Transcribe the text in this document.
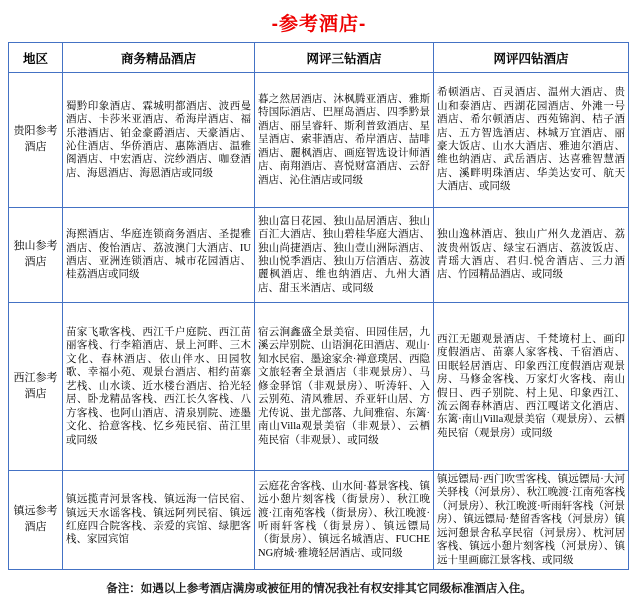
-参考酒店-
地区	商务精品酒店	网评三钻酒店	网评四钻酒店
贵阳参考酒店	蜀黔印象酒店、霖城明都酒店、波西曼酒店、卡莎米亚酒店、希海岸酒店、福乐港酒店、铂金豪爵酒店、天豪酒店、沁住酒店、华侨酒店、惠陈酒店、温雅阁酒店、中宏酒店、浣纱酒店、咖登酒店、海恩酒店、海恩酒店或同级	暮之然居酒店、沐枫腾亚酒店、雅斯特国际酒店、巴厘岛酒店、四季黔景酒店、丽呈睿轩、斯利普致酒店、星呈酒店、索菲酒店、希岸酒店、喆啡酒店、麗枫酒店、画庭智选设计师酒店、南翔酒店、喜悦财富酒店、云舒酒店、沁住酒店或同级	希顿酒店、百灵酒店、温州大酒店、贵山和泰酒店、西湖花园酒店、外滩一号酒店、希尔顿酒店、西苑锦润、桔子酒店、五方智选酒店、林城万宜酒店、丽豪大饭店、山水大酒店、雅迪尔酒店、维也纳酒店、武岳酒店、达喜雅智慧酒店、溪畔明珠酒店、华美达安可、航天大酒店、或同级
独山参考酒店	海熙酒店、华庭连锁商务酒店、圣提雅酒店、俊怡酒店、荔波澳门大酒店、IU酒店、亚洲连锁酒店、城市花园酒店、桂荔酒店或同级	独山富日花园、独山品居酒店、独山百汇大酒店、独山碧桂华庭大酒店、独山尚捷酒店、独山壹山洲际酒店、独山悦季酒店、独山万信酒店、荔波麗枫酒店、维也纳酒店、九州大酒店、甜玉米酒店、或同级	独山逸林酒店、独山广州久龙酒店、荔波贵州饭店、绿宝石酒店、荔波饭店、青瑶大酒店、君归.悦舍酒店、三力酒店、竹园精品酒店、或同级
西江参考酒店	苗家飞歌客栈、西江千户庭院、西江苗丽客栈、行李箱酒店、景上河畔、三木文化、春林酒店、依山伴水、田园牧歌、幸福小苑、观景台酒店、相约苗寨艺栈、山水谈、近水楼台酒店、拾光轻居、卧龙精品客栈、西江长久客栈、八方客栈、也阿山酒店、清泉别院、迹墨文化、拾意客栈、忆乡苑民宿、苗江里或同级	宿云涧鑫盛全景美宿、田园佳居，九溪云岸别院、山语涧花田酒店、观山·知水民宿、墨途家余·禅意璞居、西隐文旅轻奢全景酒店（非观景房）、马修金驿馆（非观景房）、听涛轩、入云别苑、清风雅居、乔亚轩山居、方尤传说、蚩尤部落、九间雅宿、东篱·南山Villa观景美宿（非观景）、云栖苑民宿（非观景）、或同级	西江无题观景酒店、千梵境村上、画印度假酒店、苗寨人家客栈、千宿酒店、田眠轻居酒店、印象西江度假酒店观景房、马修金客栈、万家灯火客栈、南山假日、西子别院、村上见、印象西江、流云阁春林酒店、西江嘎诺文化酒店、东篱·南山Villa观景美宿（观景房）、云栖苑民宿（观景房）或同级
镇远参考酒店	镇远揽青河景客栈、镇远海一信民宿、镇远天水谣客栈、镇远阿列民宿、镇远红庭四合院客栈、亲爱的宾馆、绿肥客栈、家园宾馆	云庭花舍客栈、山水间·暮景客栈、镇远小憩片刻客栈（街景房）、秋江晚渡·江南苑客栈（街景房）、秋江晚渡·听雨轩客栈（街景房）、镇远镖局（街景房）、镇远名城酒店、FUCHENG府城·雅境轻居酒店、或同级	镇远镖局·西门吹雪客栈、镇远镖局·大河关驿栈（河景房）、秋江晚渡·江南苑客栈（河景房）、秋江晚渡·听雨轩客栈（河景房）、镇远镖局·楚留香客栈（河景房）镇远河憩景舍私享民宿（河景房）、枕河居客栈、镇远小憩片刻客栈（河景房）、镇远十里画廊江景客栈、或同级
备注：如遇以上参考酒店满房或被征用的情况我社有权安排其它同级标准酒店入住。
